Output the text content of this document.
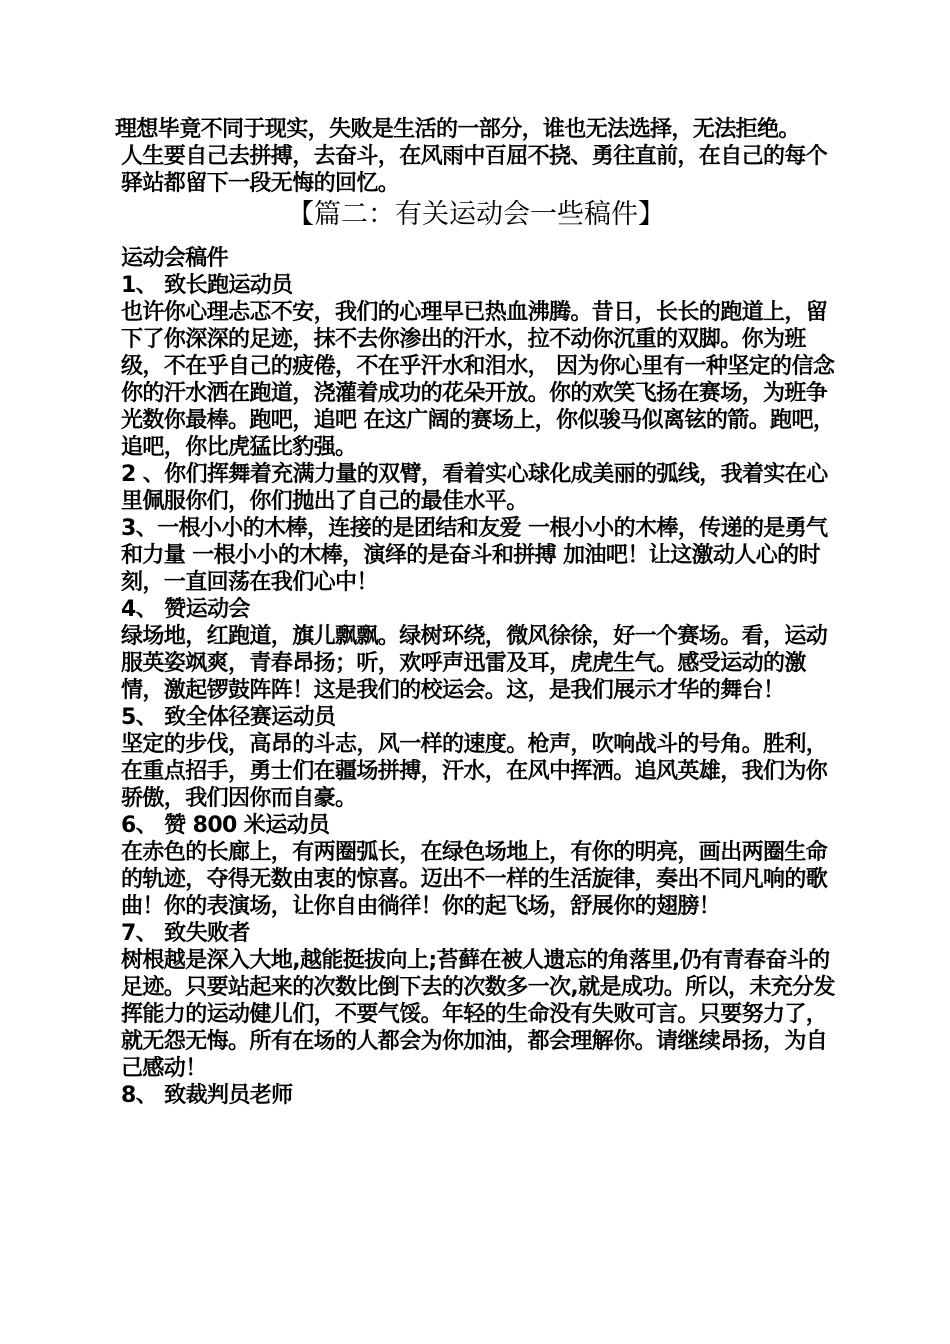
理想毕竟不同于现实，失败是生活的一部分，谁也无法选择，无法拒绝。

人生要自己去拼搏，去奋斗，在风雨中百屈不挠、勇往直前，在自己的每个驿站都留下一段无悔的回忆。

【篇二：有关运动会一些稿件】

运动会稿件

1、 致长跑运动员

也许你心理忐忑不安，我们的心理早已热血沸腾。昔日，长长的跑道上，留下了你深深的足迹，抹不去你渗出的汗水，拉不动你沉重的双脚。你为班级，不在乎自己的疲倦，不在乎汗水和泪水， 因为你心里有一种坚定的信念你的汗水洒在跑道，浇灌着成功的花朵开放。你的欢笑飞扬在赛场，为班争光数你最棒。跑吧，追吧 在这广阔的赛场上，你似骏马似离铉的箭。跑吧，追吧，你比虎猛比豹强。

2 、你们挥舞着充满力量的双臂，看着实心球化成美丽的弧线，我着实在心里佩服你们，你们抛出了自己的最佳水平。

3、一根小小的木棒，连接的是团结和友爱 一根小小的木棒，传递的是勇气和力量 一根小小的木棒，演绎的是奋斗和拼搏 加油吧！让这激动人心的时刻，一直回荡在我们心中！

4、 赞运动会

绿场地，红跑道，旗儿飘飘。绿树环绕，微风徐徐，好一个赛场。看，运动服英姿飒爽，青春昂扬；听，欢呼声迅雷及耳，虎虎生气。感受运动的激情，激起锣鼓阵阵！这是我们的校运会。这，是我们展示才华的舞台！

5、 致全体径赛运动员

坚定的步伐，高昂的斗志，风一样的速度。枪声，吹响战斗的号角。胜利，在重点招手，勇士们在疆场拼搏，汗水，在风中挥洒。追风英雄，我们为你骄傲，我们因你而自豪。

6、 赞 800 米运动员

在赤色的长廊上，有两圈弧长，在绿色场地上，有你的明亮，画出两圈生命的轨迹，夺得无数由衷的惊喜。迈出不一样的生活旋律，奏出不同凡响的歌曲！你的表演场，让你自由徜徉！你的起飞场，舒展你的翅膀！

7、 致失败者

树根越是深入大地,越能挺拔向上;苔藓在被人遗忘的角落里,仍有青春奋斗的足迹。只要站起来的次数比倒下去的次数多一次,就是成功。所以，未充分发挥能力的运动健儿们，不要气馁。年轻的生命没有失败可言。只要努力了，就无怨无悔。所有在场的人都会为你加油，都会理解你。请继续昂扬，为自己感动！

8、 致裁判员老师
